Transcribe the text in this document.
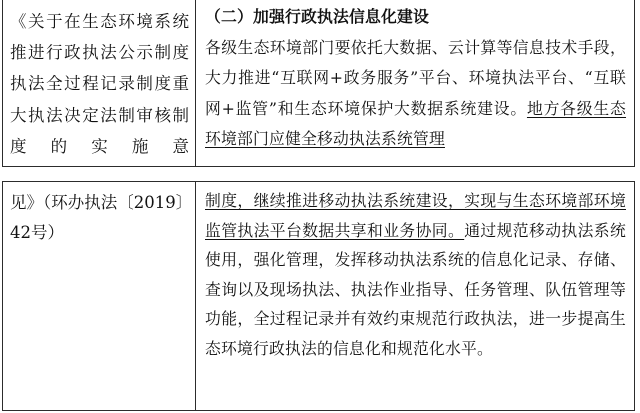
《关于在生态环境系统推进行政执法公示制度执法全过程记录制度重大执法决定法制审核制度的实施意
（二）加强行政执法信息化建设
各级生态环境部门要依托大数据、云计算等信息技术手段，大力推进“互联网+政务服务”平台、环境执法平台、“互联网+监管”和生态环境保护大数据系统建设。地方各级生态环境部门应健全移动执法系统管理
见》（环办执法〔2019〕42号）
制度，继续推进移动执法系统建设，实现与生态环境部环境监管执法平台数据共享和业务协同。通过规范移动执法系统使用，强化管理，发挥移动执法系统的信息化记录、存储、查询以及现场执法、执法作业指导、任务管理、队伍管理等功能，全过程记录并有效约束规范行政执法，进一步提高生态环境行政执法的信息化和规范化水平。
